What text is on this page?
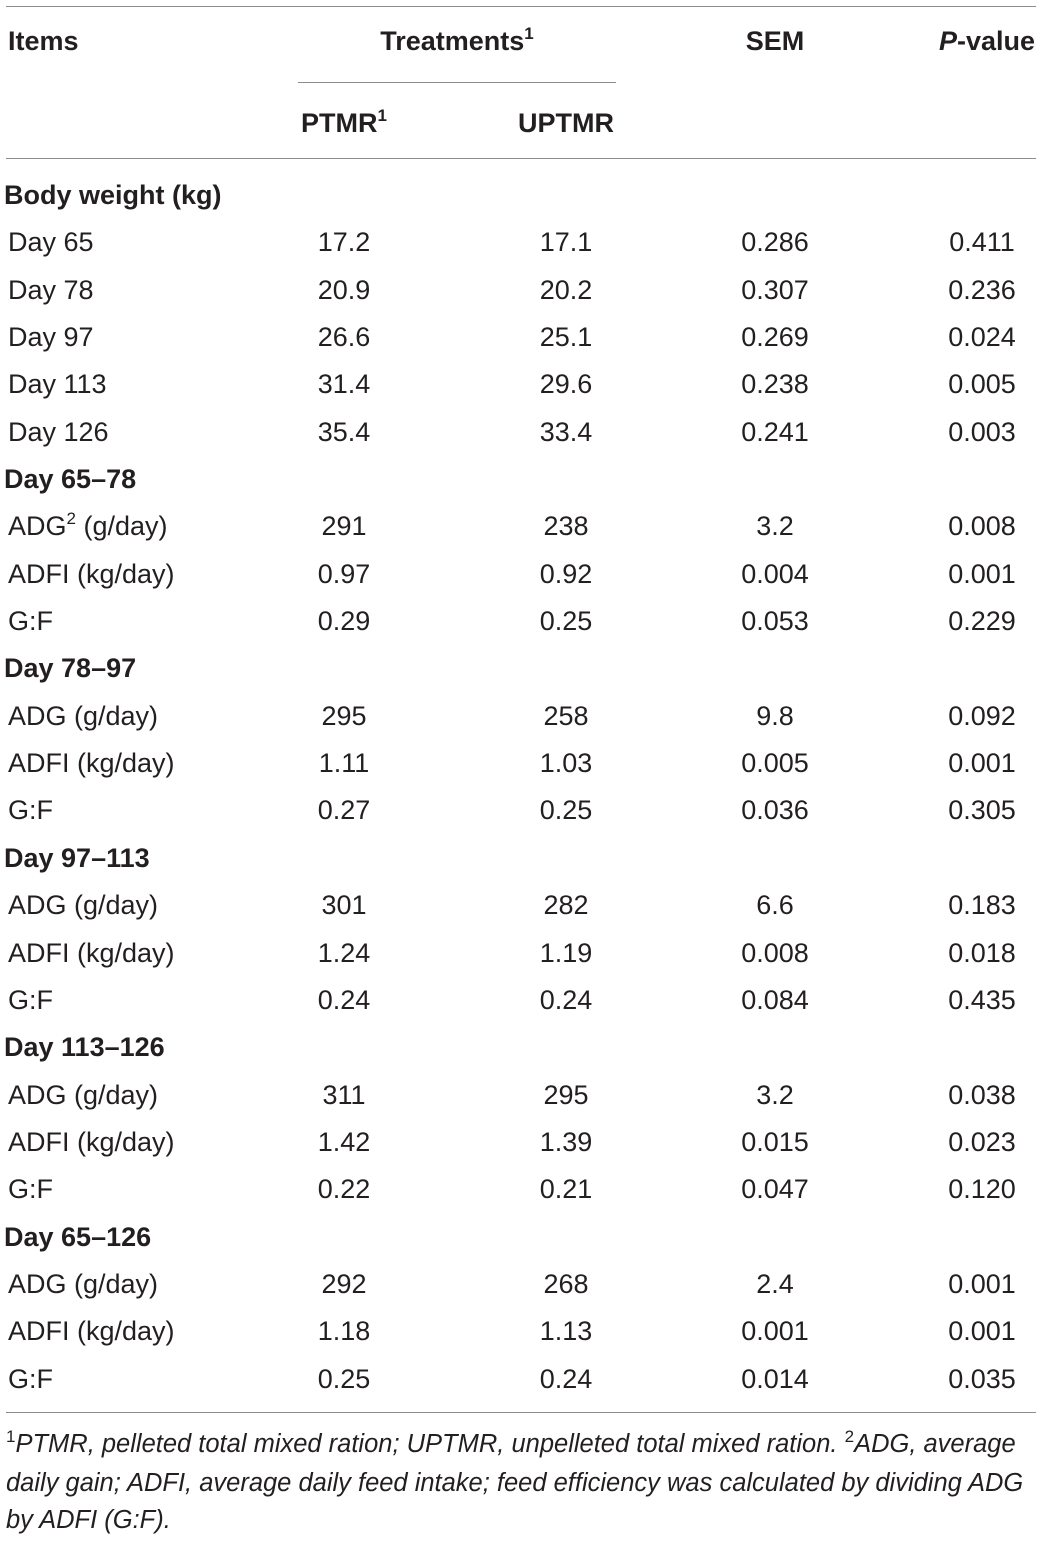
Items	Treatments$^1$	SEM	P-value
PTMR$^1$	UPTMR
Body weight (kg)
Day 65	17.2	17.1	0.286	0.411
Day 78	20.9	20.2	0.307	0.236
Day 97	26.6	25.1	0.269	0.024
Day 113	31.4	29.6	0.238	0.005
Day 126	35.4	33.4	0.241	0.003
Day 65–78
ADG$^2$ (g/day)	291	238	3.2	0.008
ADFI (kg/day)	0.97	0.92	0.004	0.001
G:F	0.29	0.25	0.053	0.229
Day 78–97
ADG (g/day)	295	258	9.8	0.092
ADFI (kg/day)	1.11	1.03	0.005	0.001
G:F	0.27	0.25	0.036	0.305
Day 97–113
ADG (g/day)	301	282	6.6	0.183
ADFI (kg/day)	1.24	1.19	0.008	0.018
G:F	0.24	0.24	0.084	0.435
Day 113–126
ADG (g/day)	311	295	3.2	0.038
ADFI (kg/day)	1.42	1.39	0.015	0.023
G:F	0.22	0.21	0.047	0.120
Day 65–126
ADG (g/day)	292	268	2.4	0.001
ADFI (kg/day)	1.18	1.13	0.001	0.001
G:F	0.25	0.24	0.014	0.035
$^1$PTMR, pelleted total mixed ration; UPTMR, unpelleted total mixed ration. $^2$ADG, average daily gain; ADFI, average daily feed intake; feed efficiency was calculated by dividing ADG by ADFI (G:F).
